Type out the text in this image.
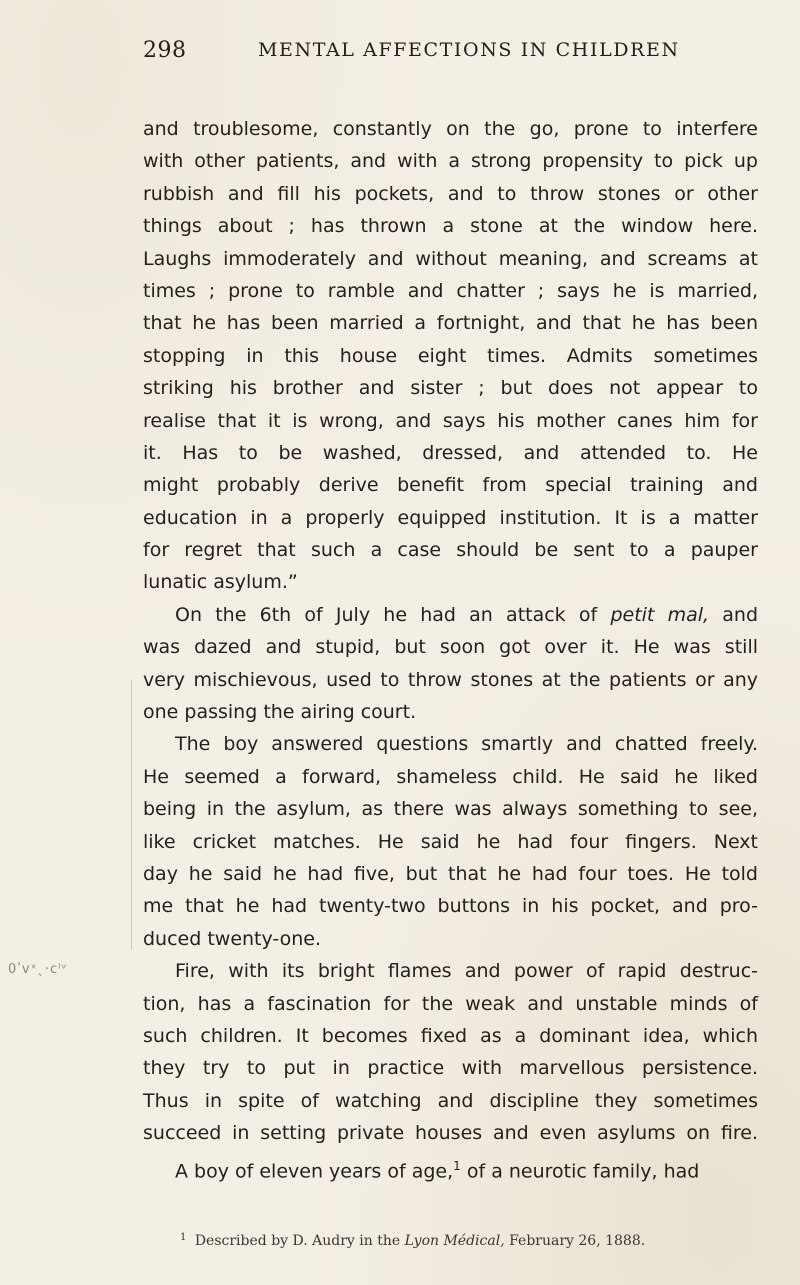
298	MENTAL AFFECTIONS IN CHILDREN
0ʹvˣˎ·сˡᵛ
and troublesome, constantly on the go, prone to interfere
with other patients, and with a strong propensity to pick up
rubbish and fill his pockets, and to throw stones or other
things about ; has thrown a stone at the window here.
Laughs immoderately and without meaning, and screams at
times ; prone to ramble and chatter ; says he is married,
that he has been married a fortnight, and that he has been
stopping in this house eight times. Admits sometimes
striking his brother and sister ; but does not appear to
realise that it is wrong, and says his mother canes him for
it. Has to be washed, dressed, and attended to. He
might probably derive benefit from special training and
education in a properly equipped institution. It is a matter
for regret that such a case should be sent to a pauper
lunatic asylum.”
On the 6th of July he had an attack of petit mal, and
was dazed and stupid, but soon got over it. He was still
very mischievous, used to throw stones at the patients or any
one passing the airing court.
The boy answered questions smartly and chatted freely.
He seemed a forward, shameless child. He said he liked
being in the asylum, as there was always something to see,
like cricket matches. He said he had four fingers. Next
day he said he had five, but that he had four toes. He told
me that he had twenty-two buttons in his pocket, and pro-
duced twenty-one.
Fire, with its bright flames and power of rapid destruc-
tion, has a fascination for the weak and unstable minds of
such children. It becomes fixed as a dominant idea, which
they try to put in practice with marvellous persistence.
Thus in spite of watching and discipline they sometimes
succeed in setting private houses and even asylums on fire.
A boy of eleven years of age,$^1$ of a neurotic family, had
$^1$ Described by D. Audry in the Lyon Médical, February 26, 1888.
